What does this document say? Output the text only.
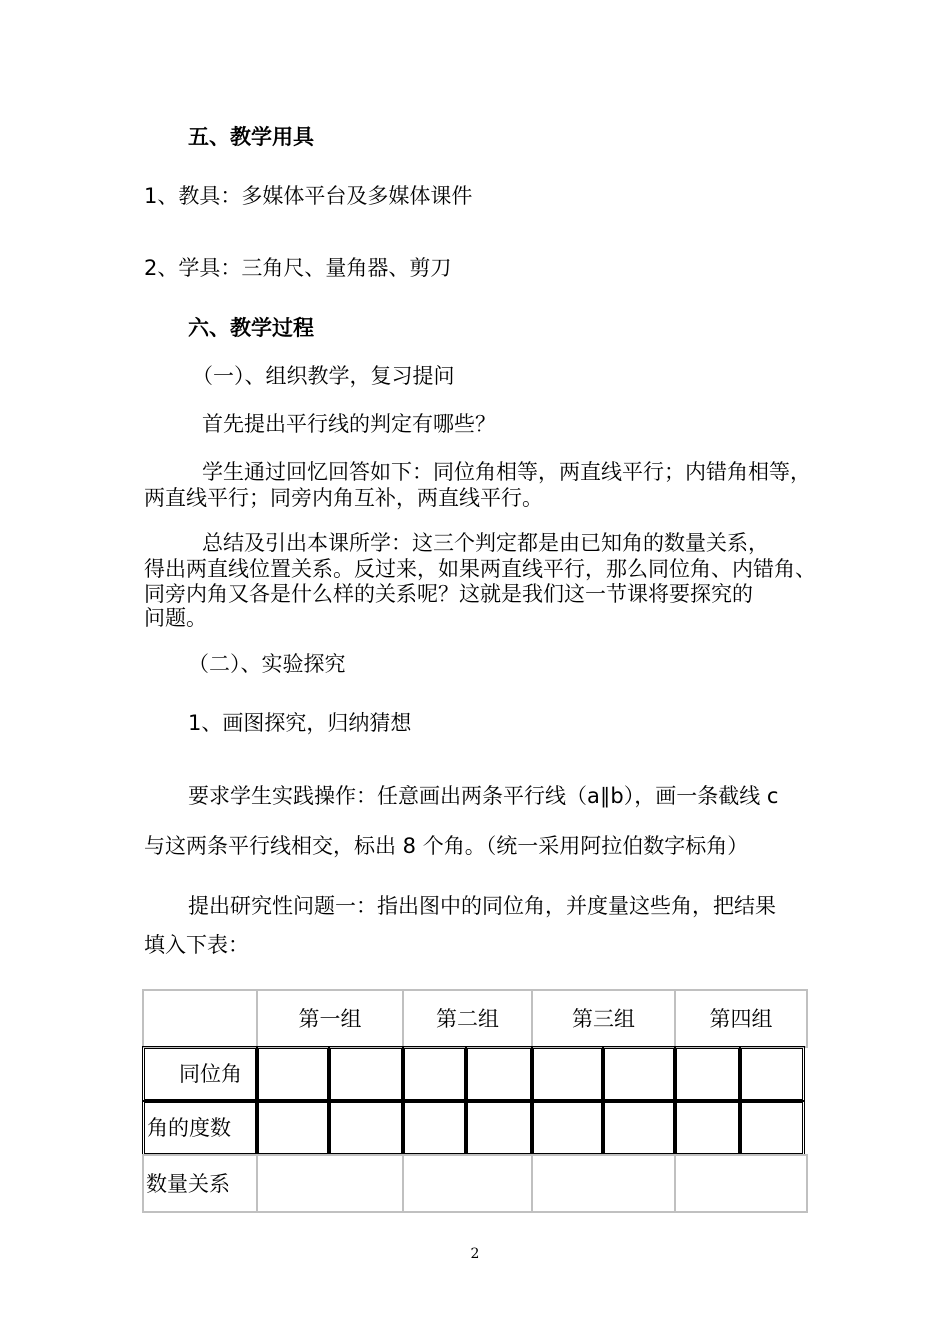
五、教学用具
1、教具：多媒体平台及多媒体课件
2、学具：三角尺、量角器、剪刀
六、教学过程
（一）、组织教学，复习提问
首先提出平行线的判定有哪些？
学生通过回忆回答如下：同位角相等，两直线平行；内错角相等，
两直线平行；同旁内角互补，两直线平行。
总结及引出本课所学：这三个判定都是由已知角的数量关系，
得出两直线位置关系。反过来，如果两直线平行，那么同位角、内错角、
同旁内角又各是什么样的关系呢？这就是我们这一节课将要探究的
问题。
（二）、实验探究
1、画图探究，归纳猜想
要求学生实践操作：任意画出两条平行线（a∥b），画一条截线 c
与这两条平行线相交，标出 8 个角。（统一采用阿拉伯数字标角）
提出研究性问题一：指出图中的同位角，并度量这些角，把结果
填入下表：
第一组	第二组	第三组	第四组
同位角
角的度数
数量关系
2
